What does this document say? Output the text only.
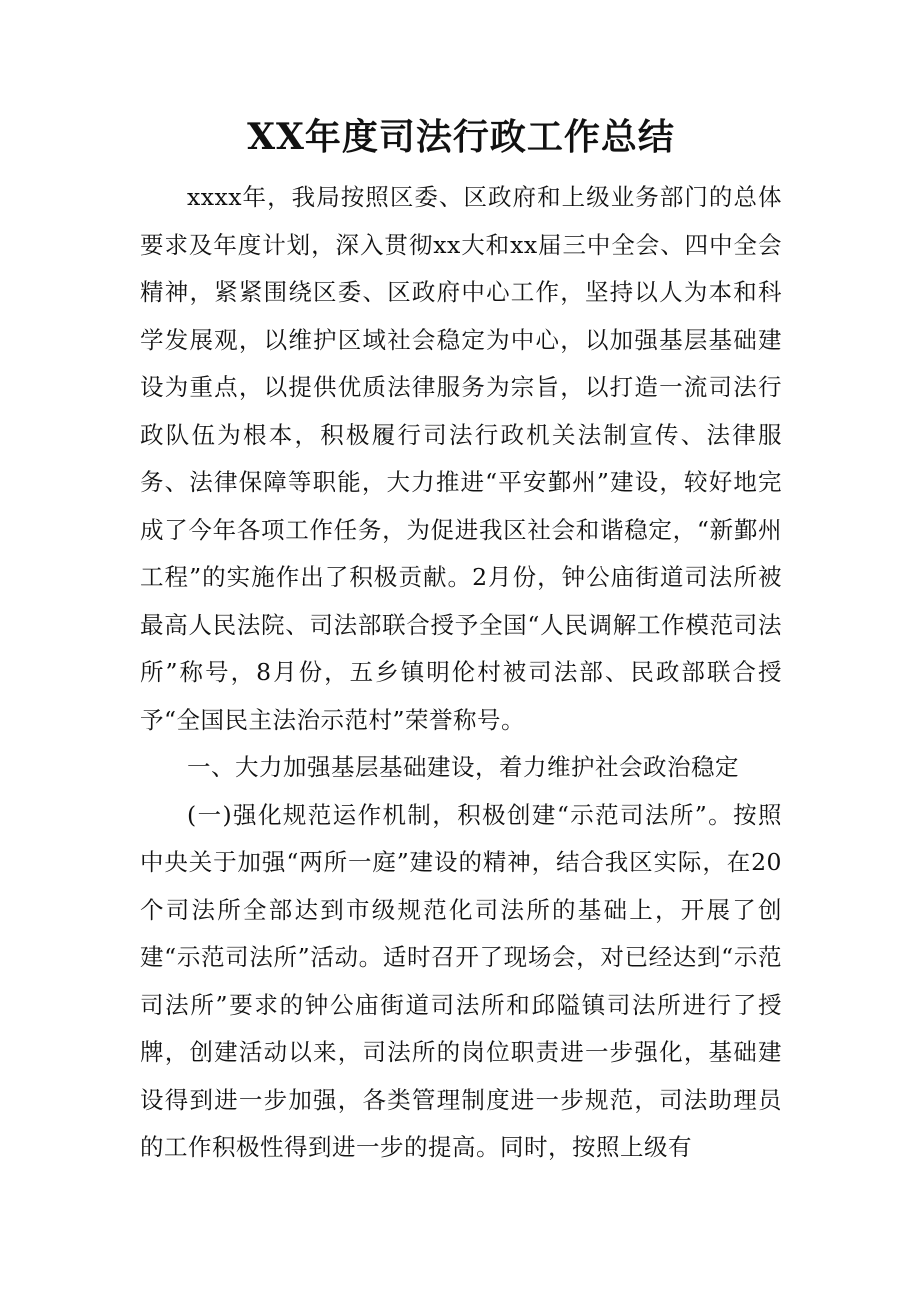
XX年度司法行政工作总结

xxxx年，我局按照区委、区政府和上级业务部门的总体要求及年度计划，深入贯彻xx大和xx届三中全会、四中全会精神，紧紧围绕区委、区政府中心工作，坚持以人为本和科学发展观，以维护区域社会稳定为中心，以加强基层基础建设为重点，以提供优质法律服务为宗旨，以打造一流司法行政队伍为根本，积极履行司法行政机关法制宣传、法律服务、法律保障等职能，大力推进“平安鄞州”建设，较好地完成了今年各项工作任务，为促进我区社会和谐稳定，“新鄞州工程”的实施作出了积极贡献。2月份，钟公庙街道司法所被最高人民法院、司法部联合授予全国“人民调解工作模范司法所”称号，8月份，五乡镇明伦村被司法部、民政部联合授予“全国民主法治示范村”荣誉称号。

一、大力加强基层基础建设，着力维护社会政治稳定

(一)强化规范运作机制，积极创建“示范司法所”。按照中央关于加强“两所一庭”建设的精神，结合我区实际，在20个司法所全部达到市级规范化司法所的基础上，开展了创建“示范司法所”活动。适时召开了现场会，对已经达到“示范司法所”要求的钟公庙街道司法所和邱隘镇司法所进行了授牌，创建活动以来，司法所的岗位职责进一步强化，基础建设得到进一步加强，各类管理制度进一步规范，司法助理员的工作积极性得到进一步的提高。同时，按照上级有
